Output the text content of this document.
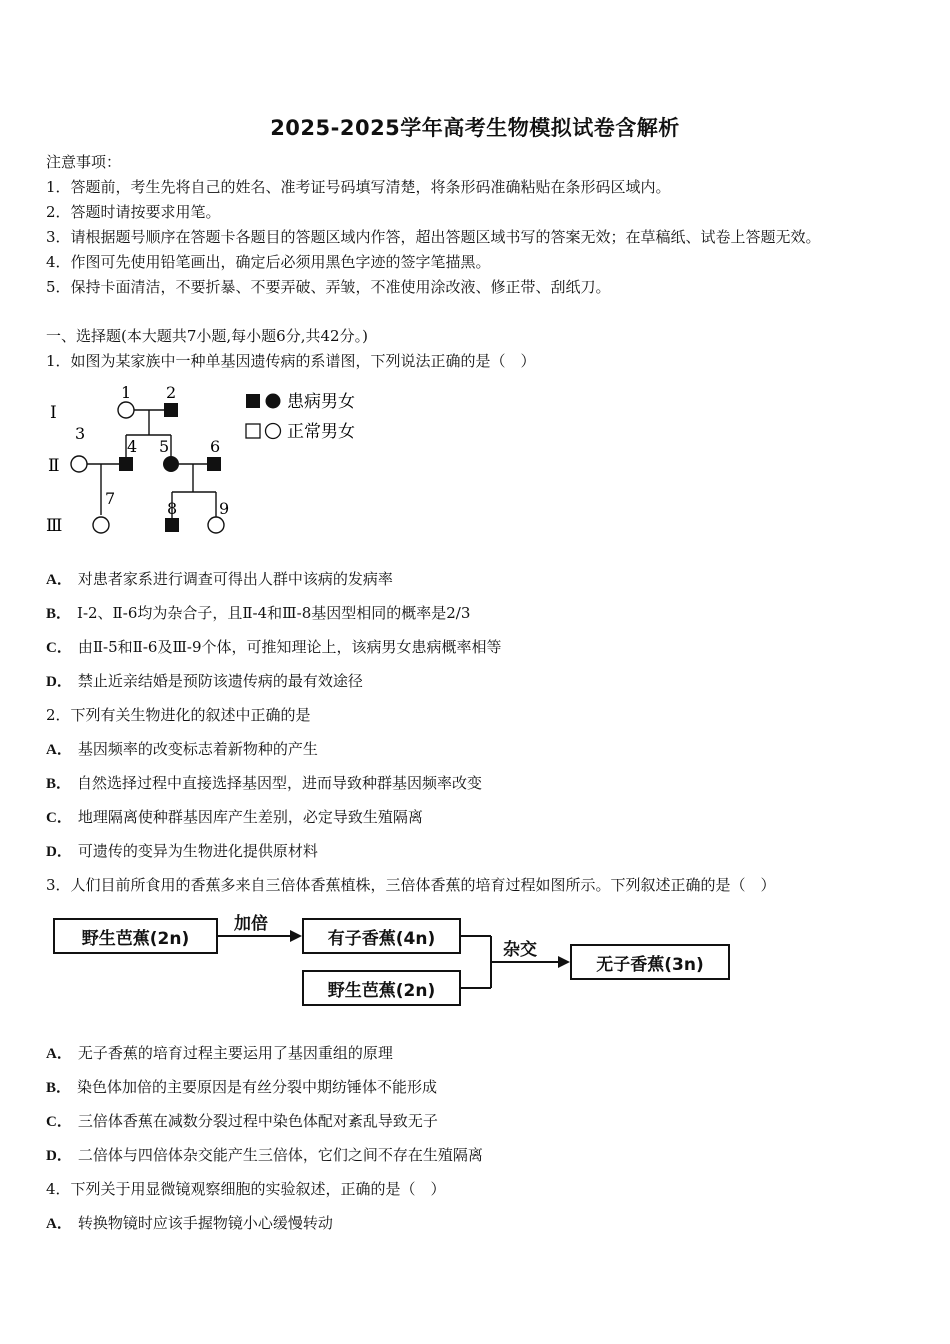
2025-2025学年高考生物模拟试卷含解析
注意事项：
1．答题前，考生先将自己的姓名、准考证号码填写清楚，将条形码准确粘贴在条形码区域内。
2．答题时请按要求用笔。
3．请根据题号顺序在答题卡各题目的答题区域内作答，超出答题区域书写的答案无效；在草稿纸、试卷上答题无效。
4．作图可先使用铅笔画出，确定后必须用黑色字迹的签字笔描黑。
5．保持卡面清洁，不要折暴、不要弄破、弄皱，不准使用涂改液、修正带、刮纸刀。
一、选择题(本大题共7小题,每小题6分,共42分。)
1．如图为某家族中一种单基因遗传病的系谱图，下列说法正确的是（　）
Ⅰ
Ⅱ
Ⅲ
1 2
3
4 5	6
7
8	9
患病男女
正常男女
A． 对患者家系进行调查可得出人群中该病的发病率
B． I-2、Ⅱ-6均为杂合子，且Ⅱ-4和Ⅲ-8基因型相同的概率是2/3
C． 由Ⅱ-5和Ⅱ-6及Ⅲ-9个体，可推知理论上，该病男女患病概率相等
D． 禁止近亲结婚是预防该遗传病的最有效途径
2．下列有关生物进化的叙述中正确的是
A． 基因频率的改变标志着新物种的产生
B． 自然选择过程中直接选择基因型，进而导致种群基因频率改变
C． 地理隔离使种群基因库产生差别，必定导致生殖隔离
D． 可遗传的变异为生物进化提供原材料
3．人们目前所食用的香蕉多来自三倍体香蕉植株，三倍体香蕉的培育过程如图所示。下列叙述正确的是（　）
野生芭蕉(2n)
加倍
有子香蕉(4n)
野生芭蕉(2n)
杂交
无子香蕉(3n)
A． 无子香蕉的培育过程主要运用了基因重组的原理
B． 染色体加倍的主要原因是有丝分裂中期纺锤体不能形成
C． 三倍体香蕉在减数分裂过程中染色体配对紊乱导致无子
D． 二倍体与四倍体杂交能产生三倍体，它们之间不存在生殖隔离
4．下列关于用显微镜观察细胞的实验叙述，正确的是（　）
A． 转换物镜时应该手握物镜小心缓慢转动
